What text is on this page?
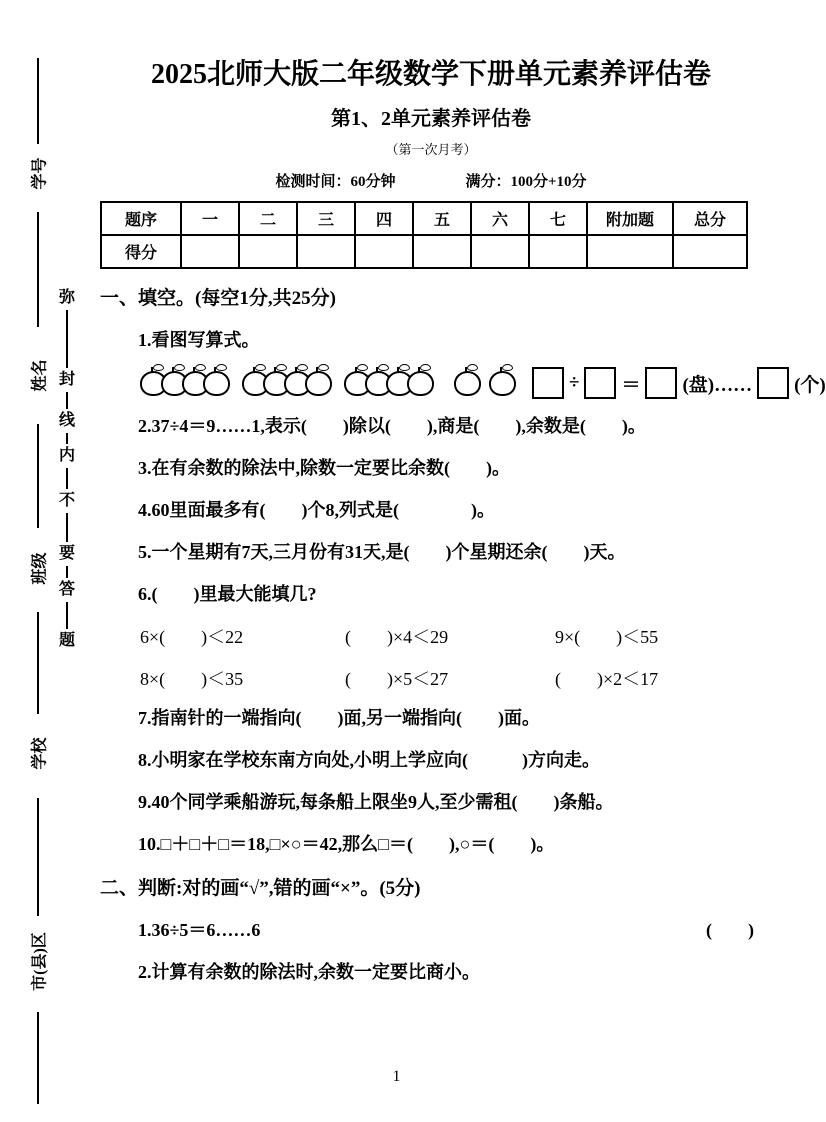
学号
姓名
班级
学校
市(县)区
弥
封
线
内
不
要
答
题
2025北师大版二年级数学下册单元素养评估卷
第1、2单元素养评估卷
（第一次月考）
检测时间：60分钟	满分：100分+10分
题序	一	二	三	四	五	六	七	附加题	总分
得分									
一、填空。(每空1分,共25分)
1.看图写算式。
÷ ＝ (盘)…… (个)
2.37÷4＝9……1,表示(　　)除以(　　),商是(　　),余数是(　　)。
3.在有余数的除法中,除数一定要比余数(　　)。
4.60里面最多有(　　)个8,列式是(　　　　)。
5.一个星期有7天,三月份有31天,是(　　)个星期还余(　　)天。
6.(　　)里最大能填几?
6×(　　)＜22	(　　)×4＜29	9×(　　)＜55
8×(　　)＜35	(　　)×5＜27	(　　)×2＜17
7.指南针的一端指向(　　)面,另一端指向(　　)面。
8.小明家在学校东南方向处,小明上学应向(　　　)方向走。
9.40个同学乘船游玩,每条船上限坐9人,至少需租(　　)条船。
10.□＋□＋□＝18,□×○＝42,那么□＝(　　),○＝(　　)。
二、判断:对的画“√”,错的画“×”。(5分)
1.36÷5＝6……6	(　　)
2.计算有余数的除法时,余数一定要比商小。
1
